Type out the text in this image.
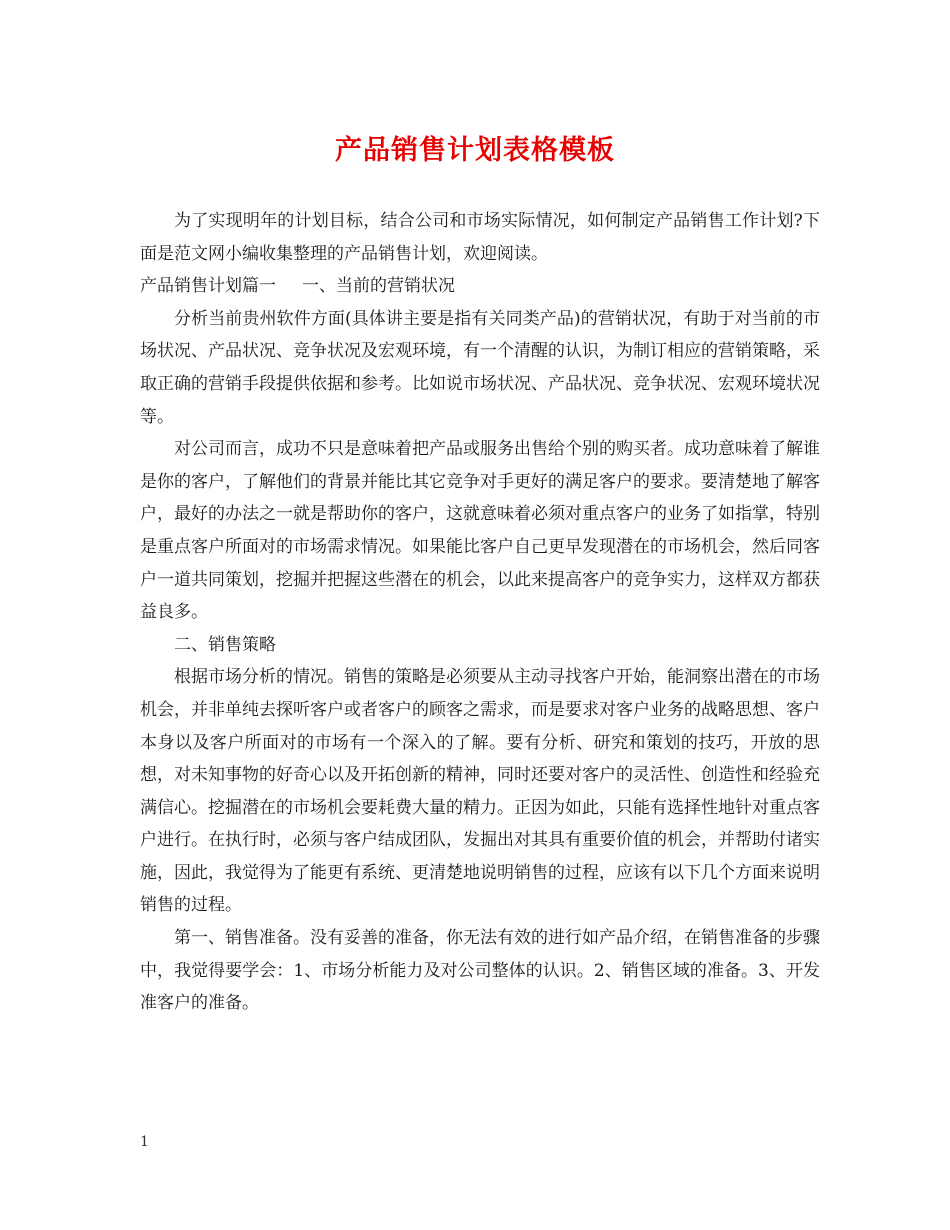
产品销售计划表格模板

为了实现明年的计划目标，结合公司和市场实际情况，如何制定产品销售工作计划?下面是范文网小编收集整理的产品销售计划，欢迎阅读。

产品销售计划篇一 一、当前的营销状况

分析当前贵州软件方面(具体讲主要是指有关同类产品)的营销状况，有助于对当前的市场状况、产品状况、竞争状况及宏观环境，有一个清醒的认识，为制订相应的营销策略，采取正确的营销手段提供依据和参考。比如说市场状况、产品状况、竞争状况、宏观环境状况等。

对公司而言，成功不只是意味着把产品或服务出售给个别的购买者。成功意味着了解谁是你的客户，了解他们的背景并能比其它竞争对手更好的满足客户的要求。要清楚地了解客户，最好的办法之一就是帮助你的客户，这就意味着必须对重点客户的业务了如指掌，特别是重点客户所面对的市场需求情况。如果能比客户自己更早发现潜在的市场机会，然后同客户一道共同策划，挖掘并把握这些潜在的机会，以此来提高客户的竞争实力，这样双方都获益良多。

二、销售策略

根据市场分析的情况。销售的策略是必须要从主动寻找客户开始，能洞察出潜在的市场机会，并非单纯去探听客户或者客户的顾客之需求，而是要求对客户业务的战略思想、客户本身以及客户所面对的市场有一个深入的了解。要有分析、研究和策划的技巧，开放的思想，对未知事物的好奇心以及开拓创新的精神，同时还要对客户的灵活性、创造性和经验充满信心。挖掘潜在的市场机会要耗费大量的精力。正因为如此，只能有选择性地针对重点客户进行。在执行时，必须与客户结成团队，发掘出对其具有重要价值的机会，并帮助付诸实施，因此，我觉得为了能更有系统、更清楚地说明销售的过程，应该有以下几个方面来说明销售的过程。

第一、销售准备。没有妥善的准备，你无法有效的进行如产品介绍，在销售准备的步骤中，我觉得要学会：1、市场分析能力及对公司整体的认识。2、销售区域的准备。3、开发准客户的准备。

1
